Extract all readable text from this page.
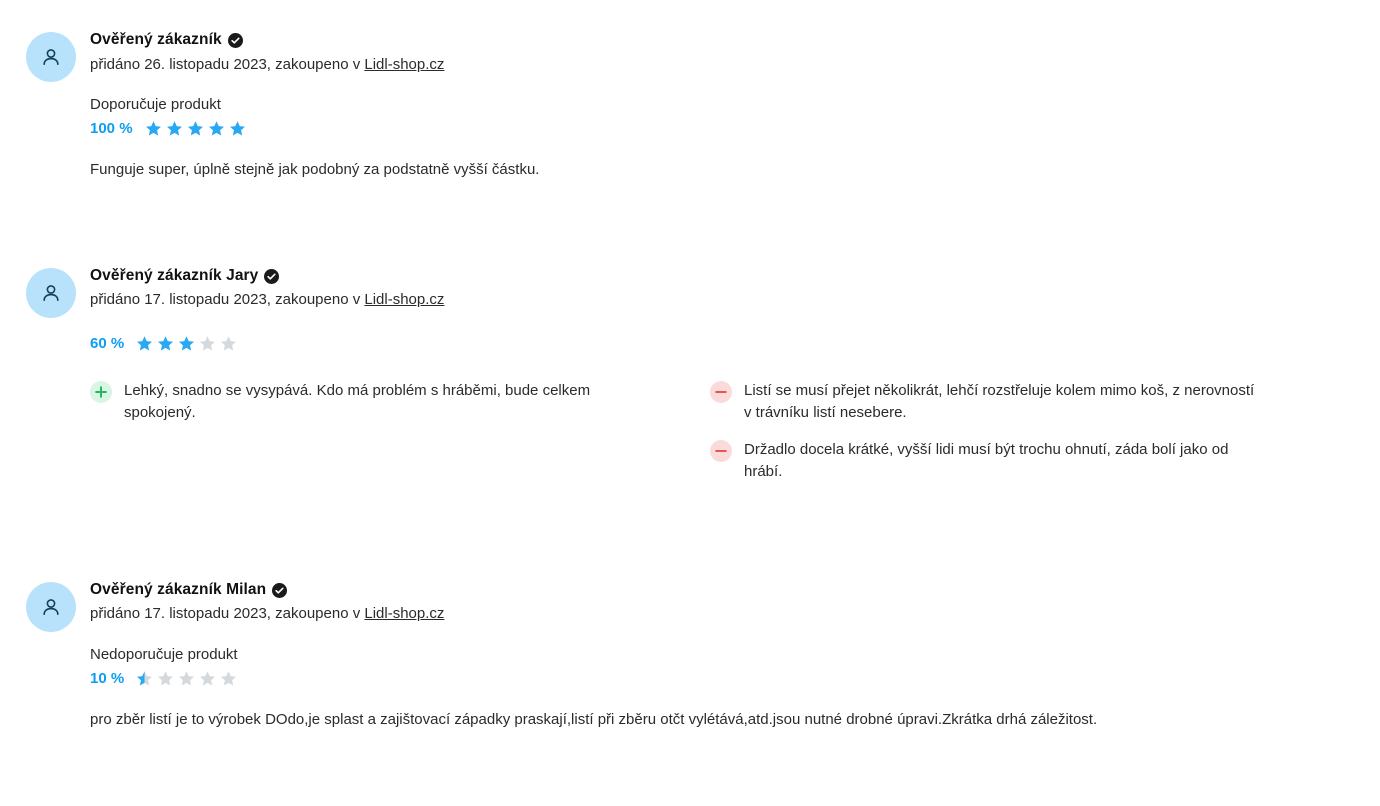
Ověřený zákazník
přidáno 26. listopadu 2023, zakoupeno v Lidl-shop.cz
Doporučuje produkt
100 %
Funguje super, úplně stejně jak podobný za podstatně vyšší částku.
Ověřený zákazník Jary
přidáno 17. listopadu 2023, zakoupeno v Lidl-shop.cz
60 %
Lehký, snadno se vysypává. Kdo má problém s hráběmi, bude celkem spokojený.
Listí se musí přejet několikrát, lehčí rozstřeluje kolem mimo koš, z nerovností v trávníku listí nesebere.
Držadlo docela krátké, vyšší lidi musí být trochu ohnutí, záda bolí jako od hrábí.
Ověřený zákazník Milan
přidáno 17. listopadu 2023, zakoupeno v Lidl-shop.cz
Nedoporučuje produkt
10 %
pro zběr listí je to výrobek DOdo,je splast a zajištovací západky praskají,listí při zběru otčt vylétává,atd.jsou nutné drobné úpravi.Zkrátka drhá záležitost.
